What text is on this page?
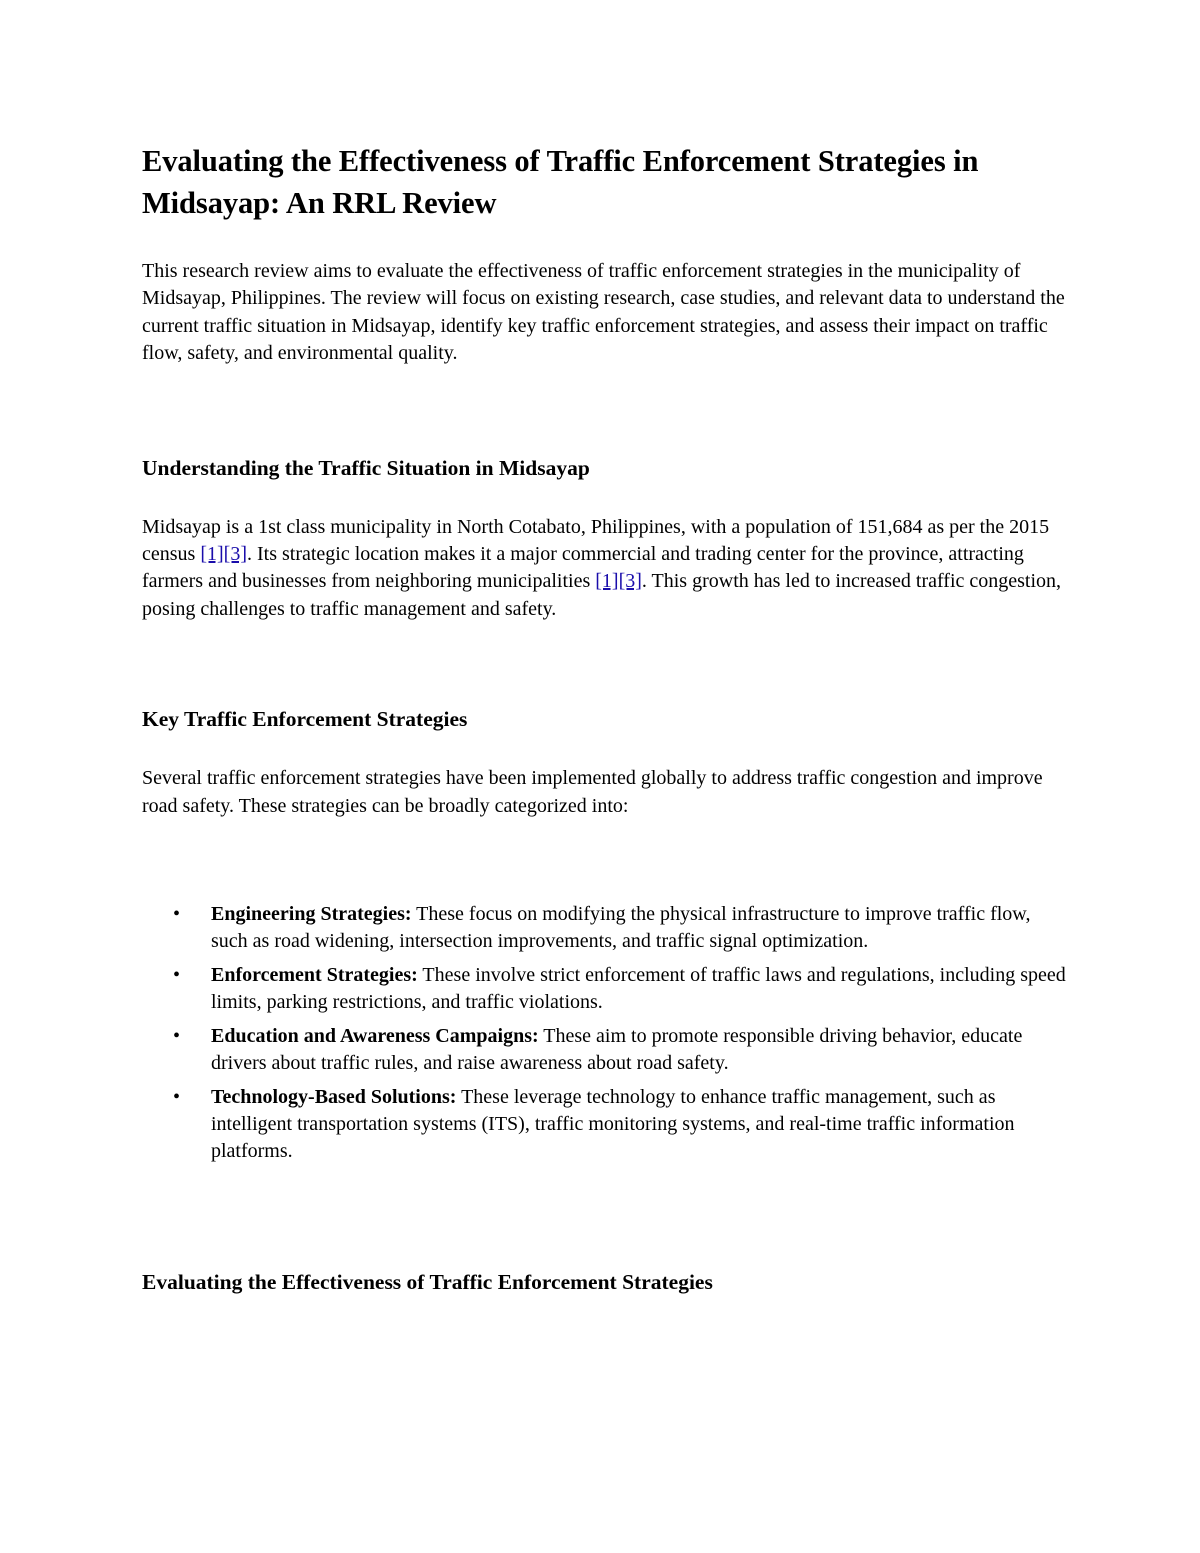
Evaluating the Effectiveness of Traffic Enforcement Strategies in Midsayap: An RRL Review

This research review aims to evaluate the effectiveness of traffic enforcement strategies in the municipality of Midsayap, Philippines. The review will focus on existing research, case studies, and relevant data to understand the current traffic situation in Midsayap, identify key traffic enforcement strategies, and assess their impact on traffic flow, safety, and environmental quality.

Understanding the Traffic Situation in Midsayap

Midsayap is a 1st class municipality in North Cotabato, Philippines, with a population of 151,684 as per the 2015 census [1][3]. Its strategic location makes it a major commercial and trading center for the province, attracting farmers and businesses from neighboring municipalities [1][3]. This growth has led to increased traffic congestion, posing challenges to traffic management and safety.

Key Traffic Enforcement Strategies

Several traffic enforcement strategies have been implemented globally to address traffic congestion and improve road safety. These strategies can be broadly categorized into:

• Engineering Strategies: These focus on modifying the physical infrastructure to improve traffic flow, such as road widening, intersection improvements, and traffic signal optimization.
• Enforcement Strategies: These involve strict enforcement of traffic laws and regulations, including speed limits, parking restrictions, and traffic violations.
• Education and Awareness Campaigns: These aim to promote responsible driving behavior, educate drivers about traffic rules, and raise awareness about road safety.
• Technology-Based Solutions: These leverage technology to enhance traffic management, such as intelligent transportation systems (ITS), traffic monitoring systems, and real-time traffic information platforms.
Evaluating the Effectiveness of Traffic Enforcement Strategies
